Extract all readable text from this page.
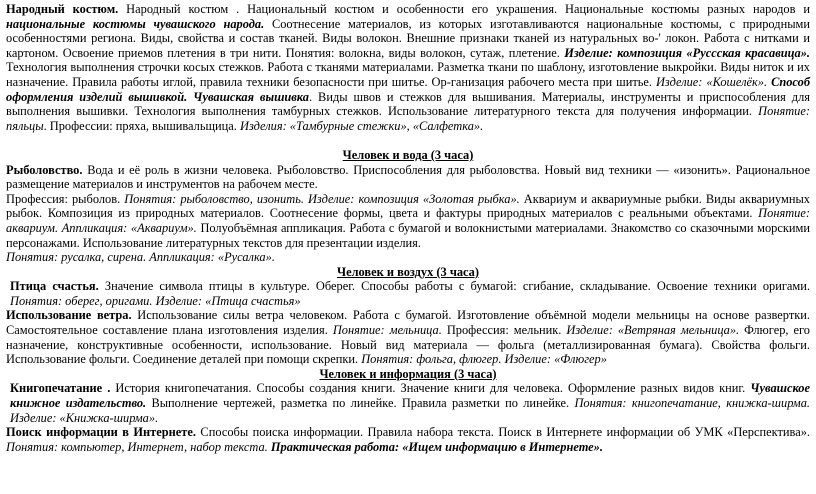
Народный костюм. Народный костюм . Национальный костюм и особенности его украшения. Национальные костюмы разных народов и национальные костюмы чувашского народа. Соотнесение материалов, из которых изготавливаются национальные костюмы, с природными особенностями региона. Виды, свойства и состав тканей. Виды волокон. Внешние признаки тканей из натуральных во-' локон. Работа с нитками и картоном. Освоение приемов плетения в три нити. Понятия: волокна, виды волокон, сутаж, плетение. Изделие: композиция «Руссская красавица». Технология выполнения строчки косых стежков. Работа с тканями материалами. Разметка ткани по шаблону, изготовление выкройки. Виды ниток и их назначение. Правила работы иглой, правила техники безопасности при шитье. Ор-ганизация рабочего места при шитье. Изделие: «Кошелёк». Способ оформления изделий вышивкой. Чувашская вышивка. Виды швов и стежков для вышивания. Материалы, инструменты и приспособления для выполнения вышивки. Технология выполнения тамбурных стежков. Использование литературного текста для получения информации. Понятие: пяльцы. Профессии: пряха, вышивальщица. Изделия: «Тамбурные стежки», «Салфетка».

Человек и вода (3 часа)

Рыболовство. Вода и её роль в жизни человека. Рыболовство. Приспособления для рыболовства. Новый вид техники — «изонить». Рациональное размещение материалов и инструментов на рабочем месте.

Профессия: рыболов. Понятия: рыболовство, изонить. Изделие: композиция «Золотая рыбка». Аквариум и аквариумные рыбки. Виды аквариумных рыбок. Композиция из природных материалов. Соотнесение формы, цвета и фактуры природных материалов с реальными объектами. Понятие: аквариум. Аппликация: «Аквариум». Полуобъёмная аппликация. Работа с бумагой и волокнистыми материалами. Знакомство со сказочными морскими персонажами. Использование литературных текстов для презентации изделия.

Понятия: русалка, сирена. Аппликация: «Русалка».

Человек и воздух (3 часа)

Птица счастья. Значение символа птицы в культуре. Оберег. Способы работы с бумагой: сгибание, складывание. Освоение техники оригами. Понятия: оберег, оригами. Изделие: «Птица счастья»

Использование ветра. Использование силы ветра человеком. Работа с бумагой. Изготовление объёмной модели мельницы на основе развертки. Самостоятельное составление плана изготовления изделия. Понятие: мельница. Профессия: мельник. Изделие: «Ветряная мельница». Флюгер, его назначение, конструктивные особенности, использование. Новый вид материала — фольга (металлизированная бумага). Свойства фольги. Использование фольги. Соединение деталей при помощи скрепки. Понятия: фольга, флюгер. Изделие: «Флюгер»

Человек и информация (3 часа)

Книгопечатание . История книгопечатания. Способы создания книги. Значение книги для человека. Оформление разных видов книг. Чувашское книжное издательство. Выполнение чертежей, разметка по линейке. Правила разметки по линейке. Понятия: книгопечатание, книжка-ширма. Изделие: «Книжка-ширма».

Поиск информации в Интернете. Способы поиска информации. Правила набора текста. Поиск в Интернете информации об УМК «Перспектива». Понятия: компьютер, Интернет, набор текста. Практическая работа: «Ищем информацию в Интернете».
